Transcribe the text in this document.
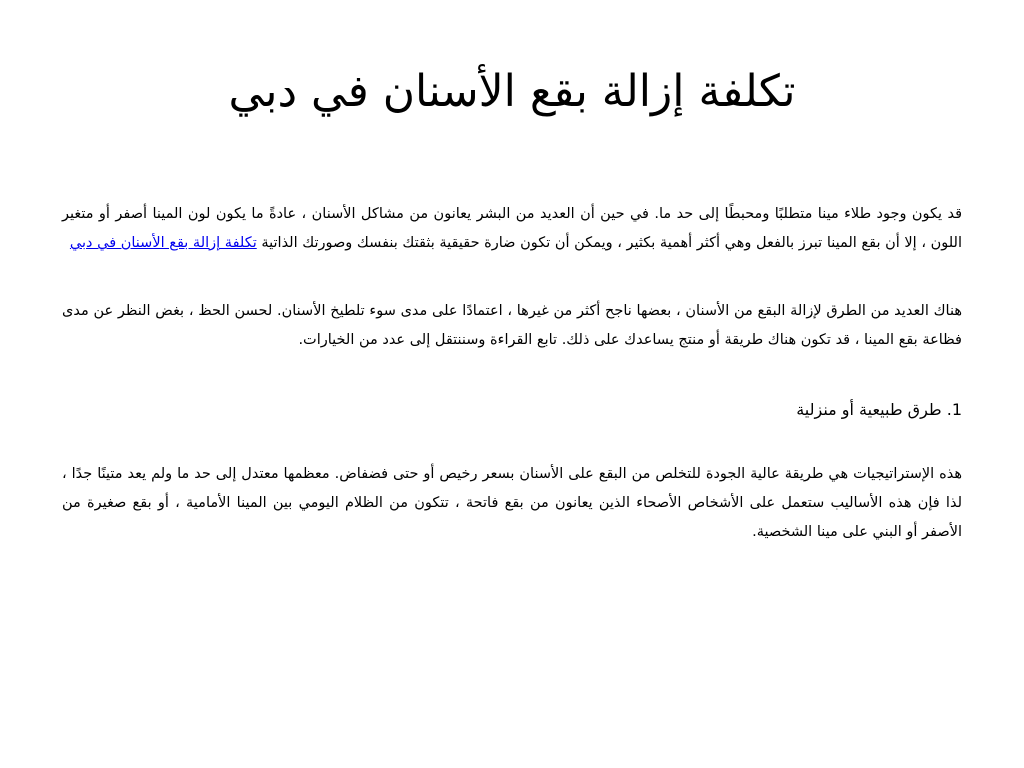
تكلفة إزالة بقع الأسنان في دبي

قد يكون وجود طلاء مينا متطلبًا ومحبطًا إلى حد ما. في حين أن العديد من البشر يعانون من مشاكل الأسنان ، عادةً ما يكون لون المينا أصفر أو متغير اللون ، إلا أن بقع المينا تبرز بالفعل وهي أكثر أهمية بكثير ، ويمكن أن تكون ضارة حقيقية بثقتك بنفسك وصورتك الذاتية تكلفة إزالة بقع الأسنان في دبي

هناك العديد من الطرق لإزالة البقع من الأسنان ، بعضها ناجح أكثر من غيرها ، اعتمادًا على مدى سوء تلطيخ الأسنان. لحسن الحظ ، بغض النظر عن مدى فظاعة بقع المينا ، قد تكون هناك طريقة أو منتج يساعدك على ذلك. تابع القراءة وسننتقل إلى عدد من الخيارات.

1. طرق طبيعية أو منزلية

هذه الإستراتيجيات هي طريقة عالية الجودة للتخلص من البقع على الأسنان بسعر رخيص أو حتى فضفاض. معظمها معتدل إلى حد ما ولم يعد متينًا جدًا ، لذا فإن هذه الأساليب ستعمل على الأشخاص الأصحاء الذين يعانون من بقع فاتحة ، تتكون من الظلام اليومي بين المينا الأمامية ، أو بقع صغيرة من الأصفر أو البني على مينا الشخصية.
